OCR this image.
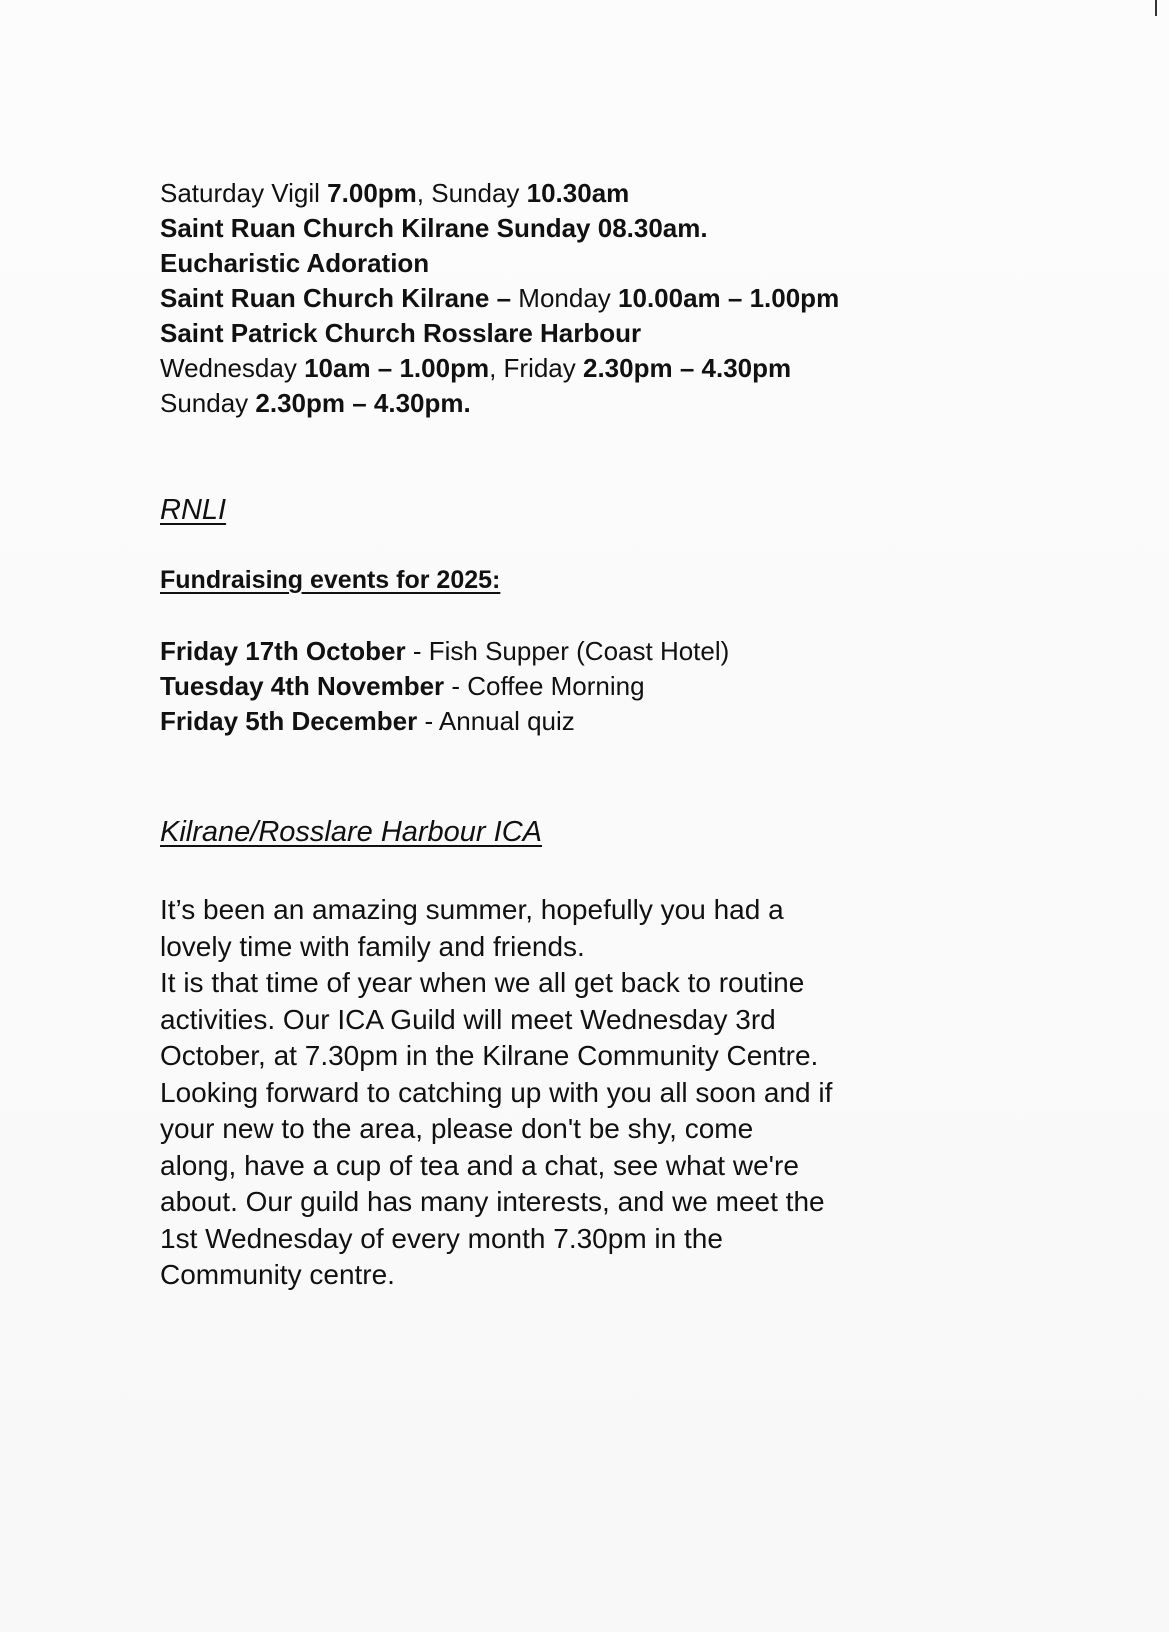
Saturday Vigil 7.00pm, Sunday 10.30am
Saint Ruan Church Kilrane Sunday 08.30am.
Eucharistic Adoration
Saint Ruan Church Kilrane – Monday 10.00am – 1.00pm
Saint Patrick Church Rosslare Harbour
Wednesday 10am – 1.00pm, Friday 2.30pm – 4.30pm
Sunday 2.30pm – 4.30pm.
RNLI
Fundraising events for 2025:
Friday 17th October - Fish Supper (Coast Hotel)
Tuesday 4th November - Coffee Morning
Friday 5th December - Annual quiz
Kilrane/Rosslare Harbour ICA
It’s been an amazing summer, hopefully you had a
lovely time with family and friends.
It is that time of year when we all get back to routine
activities. Our ICA Guild will meet Wednesday 3rd
October, at 7.30pm in the Kilrane Community Centre.
Looking forward to catching up with you all soon and if
your new to the area, please don't be shy, come
along, have a cup of tea and a chat, see what we're
about. Our guild has many interests, and we meet the
1st Wednesday of every month 7.30pm in the
Community centre.
